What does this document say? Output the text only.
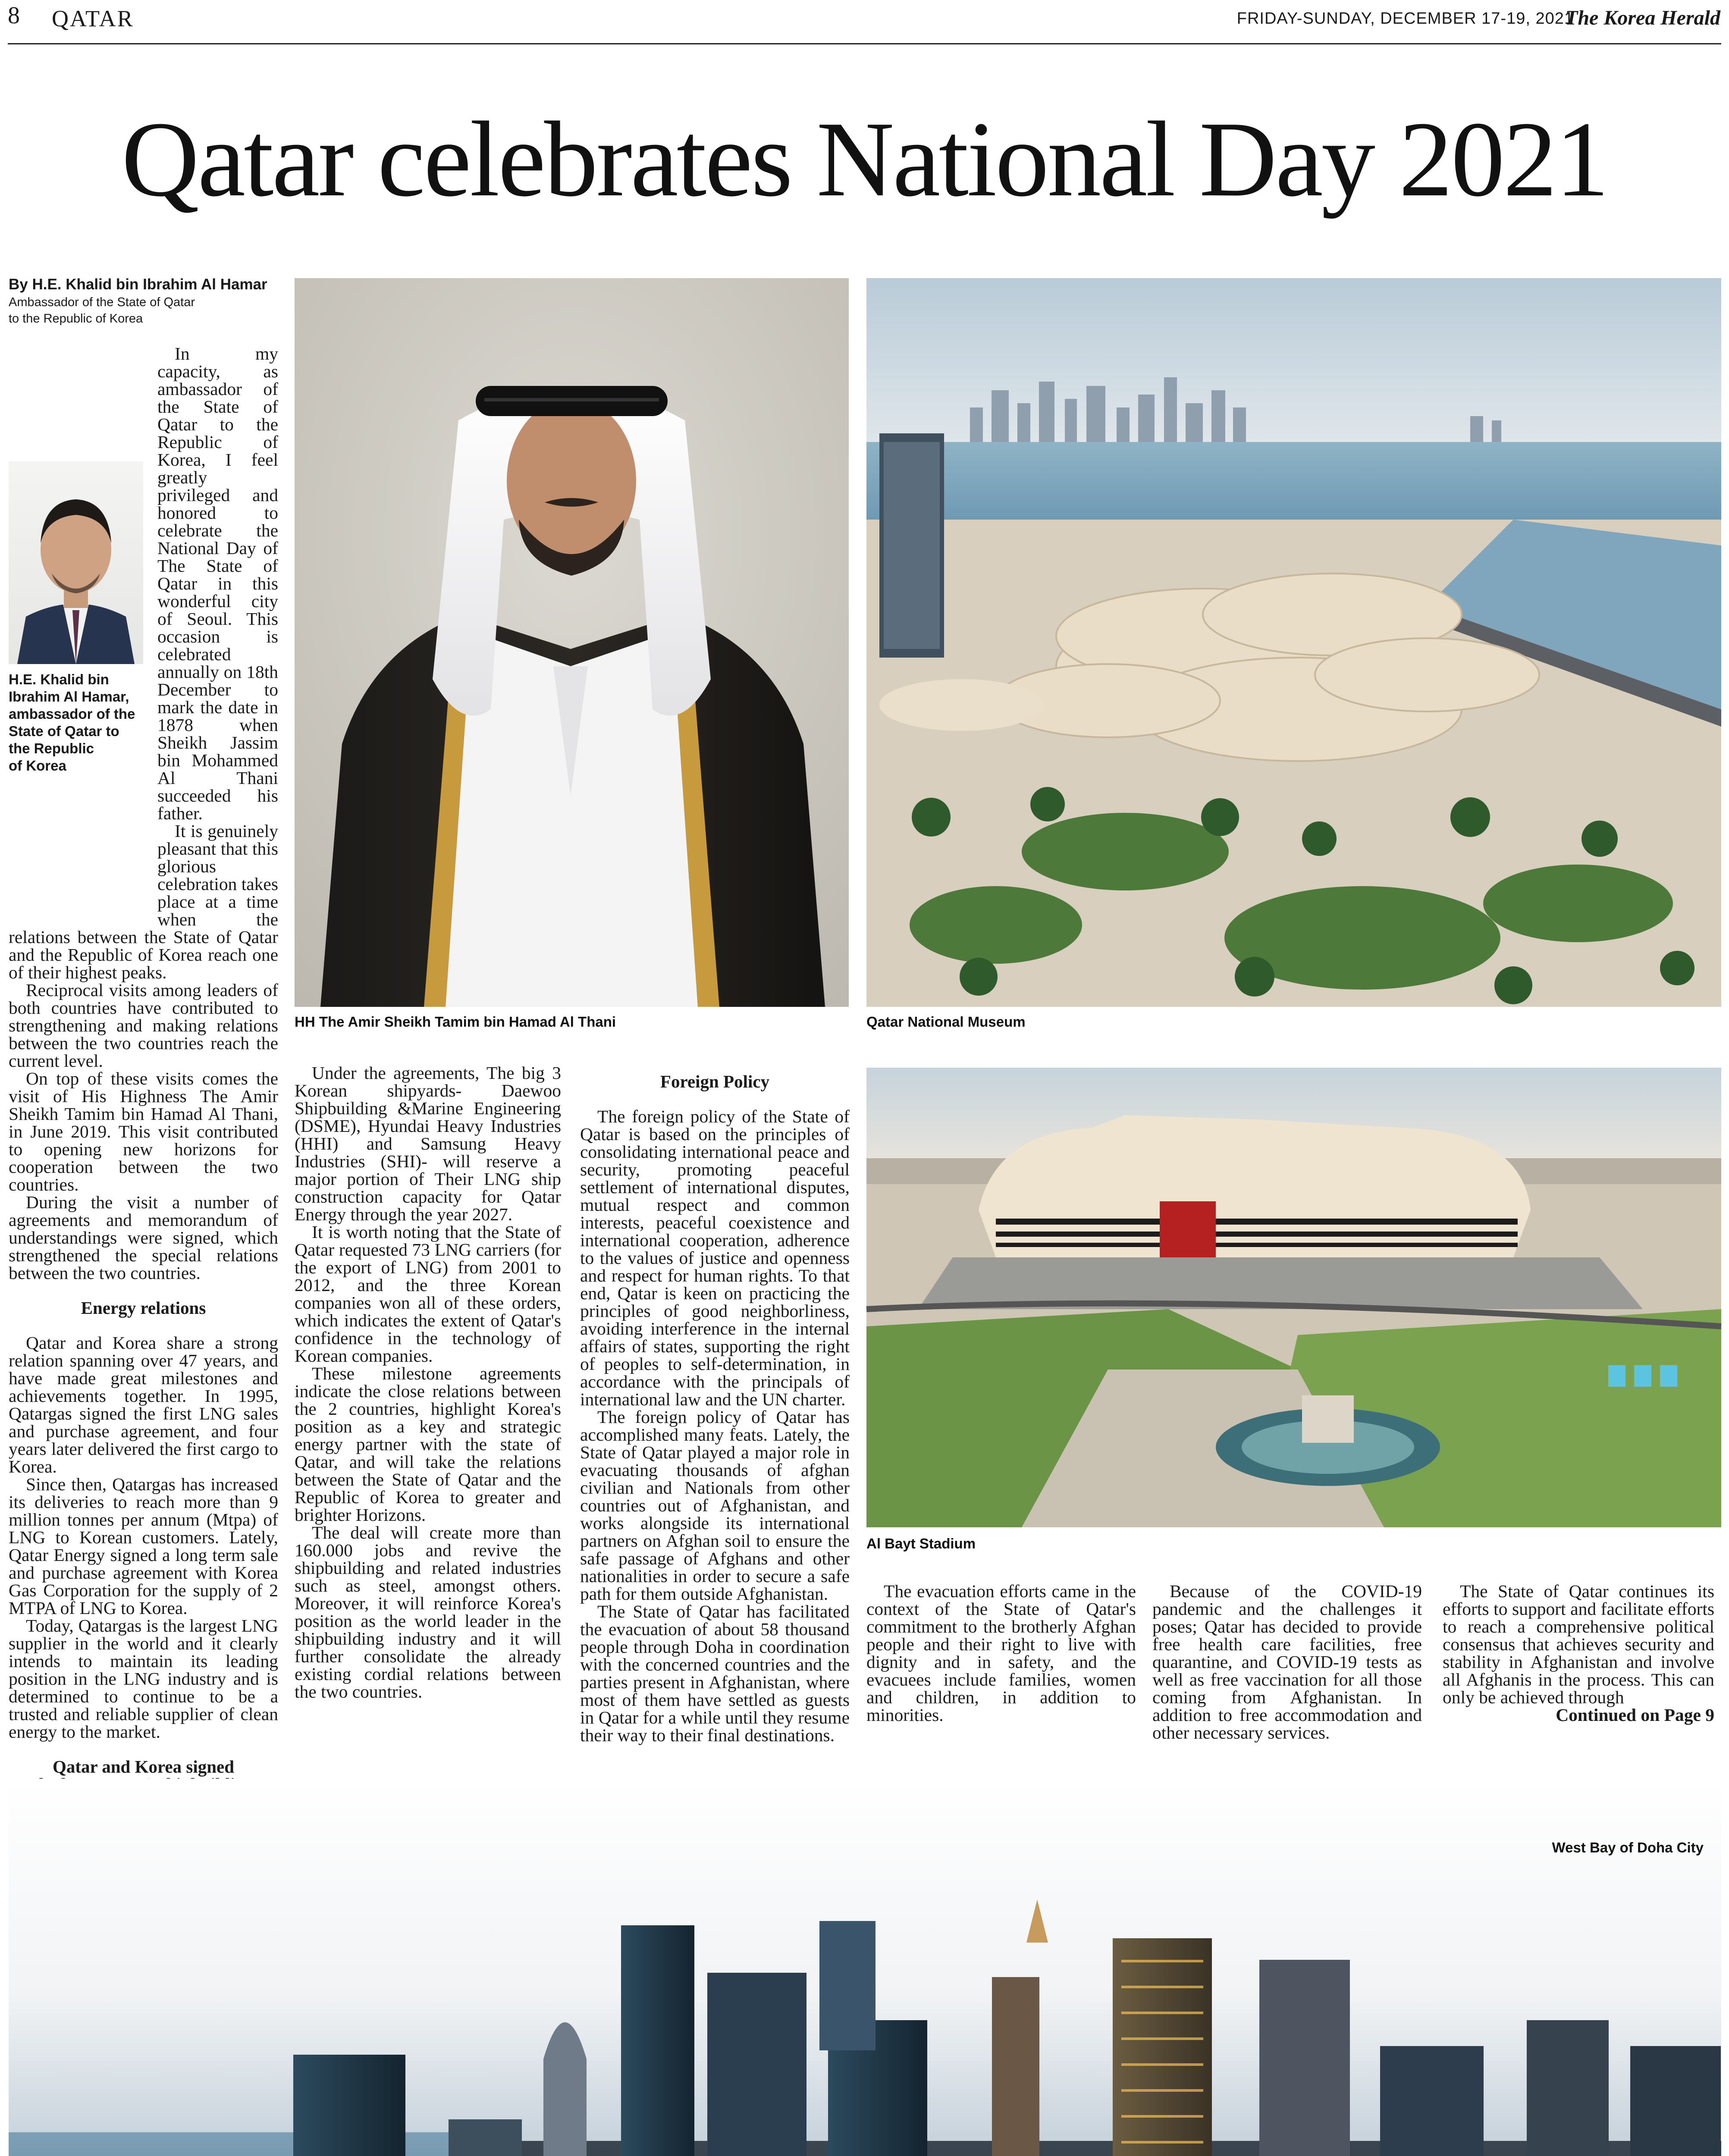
8 QATAR	FRIDAY-SUNDAY, DECEMBER 17-19, 2021
The Korea Herald
Qatar celebrates National Day 2021
By H.E. Khalid bin Ibrahim Al Hamar
Ambassador of the State of Qatar
to the Republic of Korea
H.E. Khalid bin
Ibrahim Al Hamar,
ambassador of the
State of Qatar to
the Republic
of Korea

In my capacity, as ambassador of the State of Qatar to the Republic of Korea, I feel greatly privileged and honored to celebrate the National Day of The State of Qatar in this wonderful city of Seoul. This occasion is celebrated annually on 18th December to mark the date in 1878 when Sheikh Jassim bin Mohammed Al Thani succeeded his father.

It is genuinely pleasant that this glorious celebration takes place at a time when the relations between the State of Qatar and the Republic of Korea reach one of their highest peaks.

Reciprocal visits among leaders of both countries have contributed to strengthening and making relations between the two countries reach the current level.

On top of these visits comes the visit of His Highness The Amir Sheikh Tamim bin Hamad Al Thani, in June 2019. This visit contributed to opening new horizons for cooperation between the two countries.

During the visit a number of agreements and memorandum of understandings were signed, which strengthened the special relations between the two countries.

Energy relations

Qatar and Korea share a strong relation spanning over 47 years, and have made great milestones and achievements together. In 1995, Qatargas signed the first LNG sales and purchase agreement, and four years later delivered the first cargo to Korea.

Since then, Qatargas has increased its deliveries to reach more than 9 million tonnes per annum (Mtpa) of LNG to Korean customers. Lately, Qatar Energy signed a long term sale and purchase agreement with Korea Gas Corporation for the supply of 2 MTPA of LNG to Korea.

Today, Qatargas is the largest LNG supplier in the world and it clearly intends to maintain its leading position in the LNG industry and is determined to continue to be a trusted and reliable supplier of clean energy to the market.

Qatar and Korea signed

HH The Amir Sheikh Tamim bin Hamad Al Thani	Qatar National Museum

Under the agreements, The big 3 Korean shipyards- Daewoo Shipbuilding &Marine Engineering (DSME), Hyundai Heavy Industries (HHI) and Samsung Heavy Industries (SHI)- will reserve a major portion of Their LNG ship construction capacity for Qatar Energy through the year 2027.

It is worth noting that the State of Qatar requested 73 LNG carriers (for the export of LNG) from 2001 to 2012, and the three Korean companies won all of these orders, which indicates the extent of Qatar's confidence in the technology of Korean companies.

These milestone agreements indicate the close relations between the 2 countries, highlight Korea's position as a key and strategic energy partner with the state of Qatar, and will take the relations between the State of Qatar and the Republic of Korea to greater and brighter Horizons.

The deal will create more than 160.000 jobs and revive the shipbuilding and related industries such as steel, amongst others. Moreover, it will reinforce Korea's position as the world leader in the shipbuilding industry and it will further consolidate the already existing cordial relations between the two countries.

Foreign Policy

The foreign policy of the State of Qatar is based on the principles of consolidating international peace and security, promoting peaceful settlement of international disputes, mutual respect and common interests, peaceful coexistence and international cooperation, adherence to the values of justice and openness and respect for human rights. To that end, Qatar is keen on practicing the principles of good neighborliness, avoiding interference in the internal affairs of states, supporting the right of peoples to self-determination, in accordance with the principals of international law and the UN charter.

The foreign policy of Qatar has accomplished many feats. Lately, the State of Qatar played a major role in evacuating thousands of afghan civilian and Nationals from other countries out of Afghanistan, and works alongside its international partners on Afghan soil to ensure the safe passage of Afghans and other nationalities in order to secure a safe path for them outside Afghanistan.

The State of Qatar has facilitated the evacuation of about 58 thousand people through Doha in coordination with the concerned countries and the parties present in Afghanistan, where most of them have settled as guests in Qatar for a while until they resume their way to their final destinations.

Al Bayt Stadium

The evacuation efforts came in the context of the State of Qatar's commitment to the brotherly Afghan people and their right to live with dignity and in safety, and the evacuees include families, women and children, in addition to minorities.

Because of the COVID-19 pandemic and the challenges it poses; Qatar has decided to provide free health care facilities, free quarantine, and COVID-19 tests as well as free vaccination for all those coming from Afghanistan. In addition to free accommodation and other necessary services.

The State of Qatar continues its efforts to support and facilitate efforts to reach a comprehensive political consensus that achieves security and stability in Afghanistan and involve all Afghanis in the process. This can only be achieved through

Continued on Page 9
West Bay of Doha City
